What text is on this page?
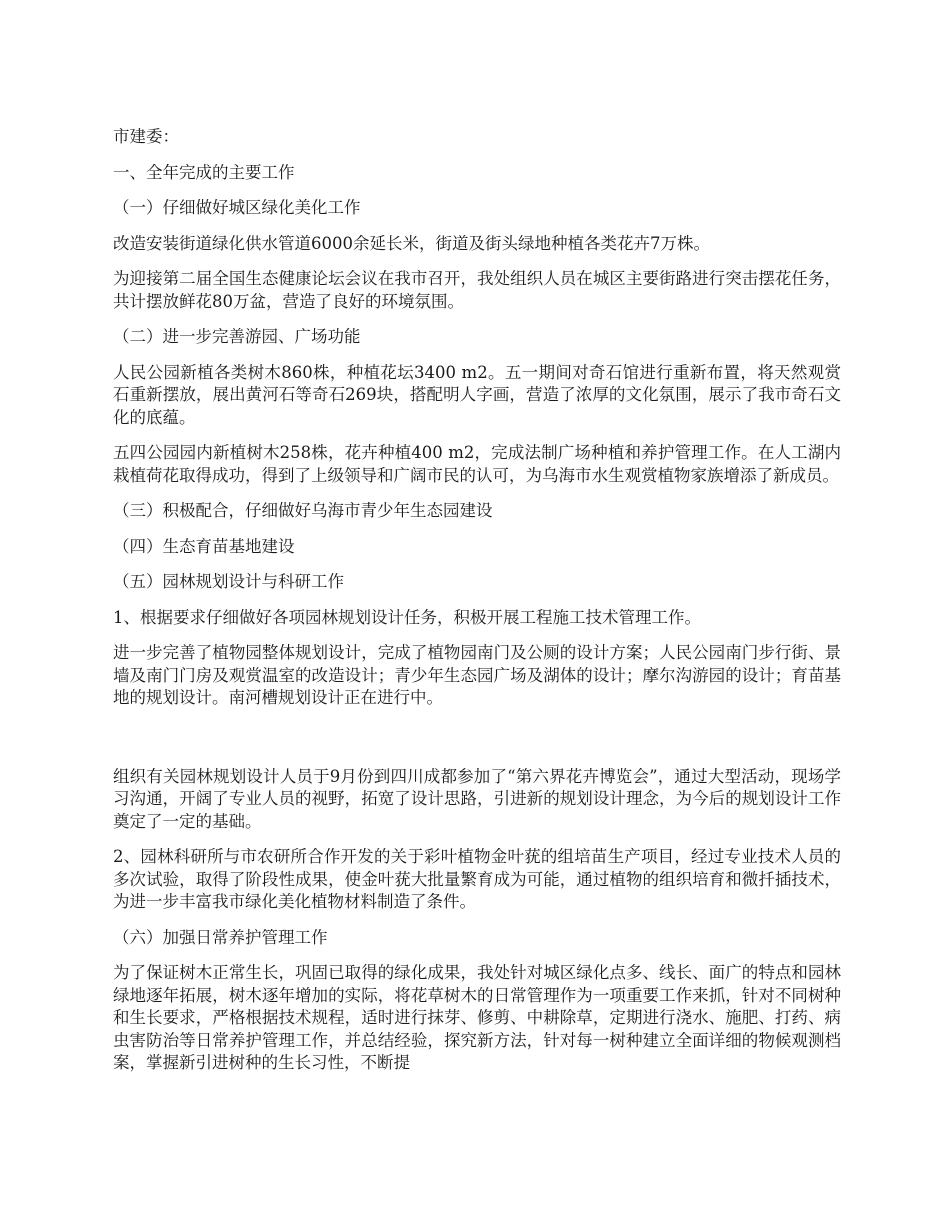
市建委：

一、全年完成的主要工作

（一）仔细做好城区绿化美化工作

改造安装街道绿化供水管道6000余延长米，街道及街头绿地种植各类花卉7万株。

为迎接第二届全国生态健康论坛会议在我市召开，我处组织人员在城区主要街路进行突击摆花任务，共计摆放鲜花80万盆，营造了良好的环境氛围。

（二）进一步完善游园、广场功能

人民公园新植各类树木860株，种植花坛3400 m2。五一期间对奇石馆进行重新布置，将天然观赏石重新摆放，展出黄河石等奇石269块，搭配明人字画，营造了浓厚的文化氛围，展示了我市奇石文化的底蕴。

五四公园园内新植树木258株，花卉种植400 m2，完成法制广场种植和养护管理工作。在人工湖内栽植荷花取得成功，得到了上级领导和广阔市民的认可，为乌海市水生观赏植物家族增添了新成员。

（三）积极配合，仔细做好乌海市青少年生态园建设

（四）生态育苗基地建设

（五）园林规划设计与科研工作

1、根据要求仔细做好各项园林规划设计任务，积极开展工程施工技术管理工作。

进一步完善了植物园整体规划设计，完成了植物园南门及公厕的设计方案；人民公园南门步行街、景墙及南门门房及观赏温室的改造设计；青少年生态园广场及湖体的设计；摩尔沟游园的设计；育苗基地的规划设计。南河槽规划设计正在进行中。

组织有关园林规划设计人员于9月份到四川成都参加了“第六界花卉博览会”，通过大型活动，现场学习沟通，开阔了专业人员的视野，拓宽了设计思路，引进新的规划设计理念，为今后的规划设计工作奠定了一定的基础。

2、园林科研所与市农研所合作开发的关于彩叶植物金叶莸的组培苗生产项目，经过专业技术人员的多次试验，取得了阶段性成果，使金叶莸大批量繁育成为可能，通过植物的组织培育和微扦插技术，为进一步丰富我市绿化美化植物材料制造了条件。

（六）加强日常养护管理工作

为了保证树木正常生长，巩固已取得的绿化成果，我处针对城区绿化点多、线长、面广的特点和园林绿地逐年拓展，树木逐年增加的实际，将花草树木的日常管理作为一项重要工作来抓，针对不同树种和生长要求，严格根据技术规程，适时进行抹芽、修剪、中耕除草，定期进行浇水、施肥、打药、病虫害防治等日常养护管理工作，并总结经验，探究新方法，针对每一树种建立全面详细的物候观测档案，掌握新引进树种的生长习性，不断提
